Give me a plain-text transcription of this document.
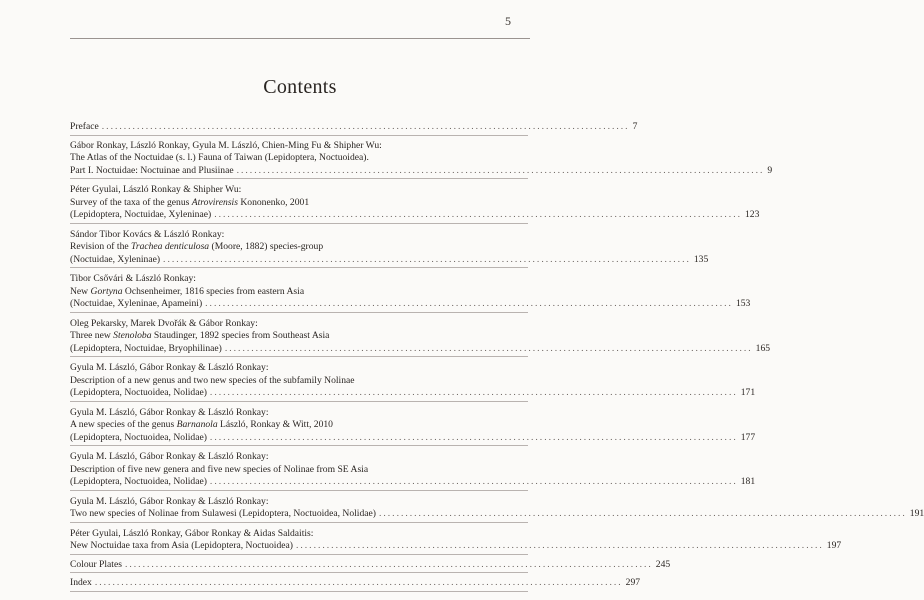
5
Contents
Preface ........................................................................................................................ 7
Gábor Ronkay, László Ronkay, Gyula M. László, Chien-Ming Fu & Shipher Wu:
The Atlas of the Noctuidae (s. l.) Fauna of Taiwan (Lepidoptera, Noctuoidea).
Part I. Noctuidae: Noctuinae and Plusiinae ........................................................................................................................ 9
Péter Gyulai, László Ronkay & Shipher Wu:
Survey of the taxa of the genus Atrovirensis Kononenko, 2001
(Lepidoptera, Noctuidae, Xyleninae) ........................................................................................................................ 123
Sándor Tibor Kovács & László Ronkay:
Revision of the Trachea denticulosa (Moore, 1882) species-group
(Noctuidae, Xyleninae) ........................................................................................................................ 135
Tibor Csővári & László Ronkay:
New Gortyna Ochsenheimer, 1816 species from eastern Asia
(Noctuidae, Xyleninae, Apameini) ........................................................................................................................ 153
Oleg Pekarsky, Marek Dvořák & Gábor Ronkay:
Three new Stenoloba Staudinger, 1892 species from Southeast Asia
(Lepidoptera, Noctuidae, Bryophilinae) ........................................................................................................................ 165
Gyula M. László, Gábor Ronkay & László Ronkay:
Description of a new genus and two new species of the subfamily Nolinae
(Lepidoptera, Noctuoidea, Nolidae) ........................................................................................................................ 171
Gyula M. László, Gábor Ronkay & László Ronkay:
A new species of the genus Barnanola László, Ronkay & Witt, 2010
(Lepidoptera, Noctuoidea, Nolidae) ........................................................................................................................ 177
Gyula M. László, Gábor Ronkay & László Ronkay:
Description of five new genera and five new species of Nolinae from SE Asia
(Lepidoptera, Noctuoidea, Nolidae) ........................................................................................................................ 181
Gyula M. László, Gábor Ronkay & László Ronkay:
Two new species of Nolinae from Sulawesi (Lepidoptera, Noctuoidea, Nolidae) ........................................................................................................................ 191
Péter Gyulai, László Ronkay, Gábor Ronkay & Aidas Saldaitis:
New Noctuidae taxa from Asia (Lepidoptera, Noctuoidea) ........................................................................................................................ 197
Colour Plates ........................................................................................................................ 245
Index ........................................................................................................................ 297
